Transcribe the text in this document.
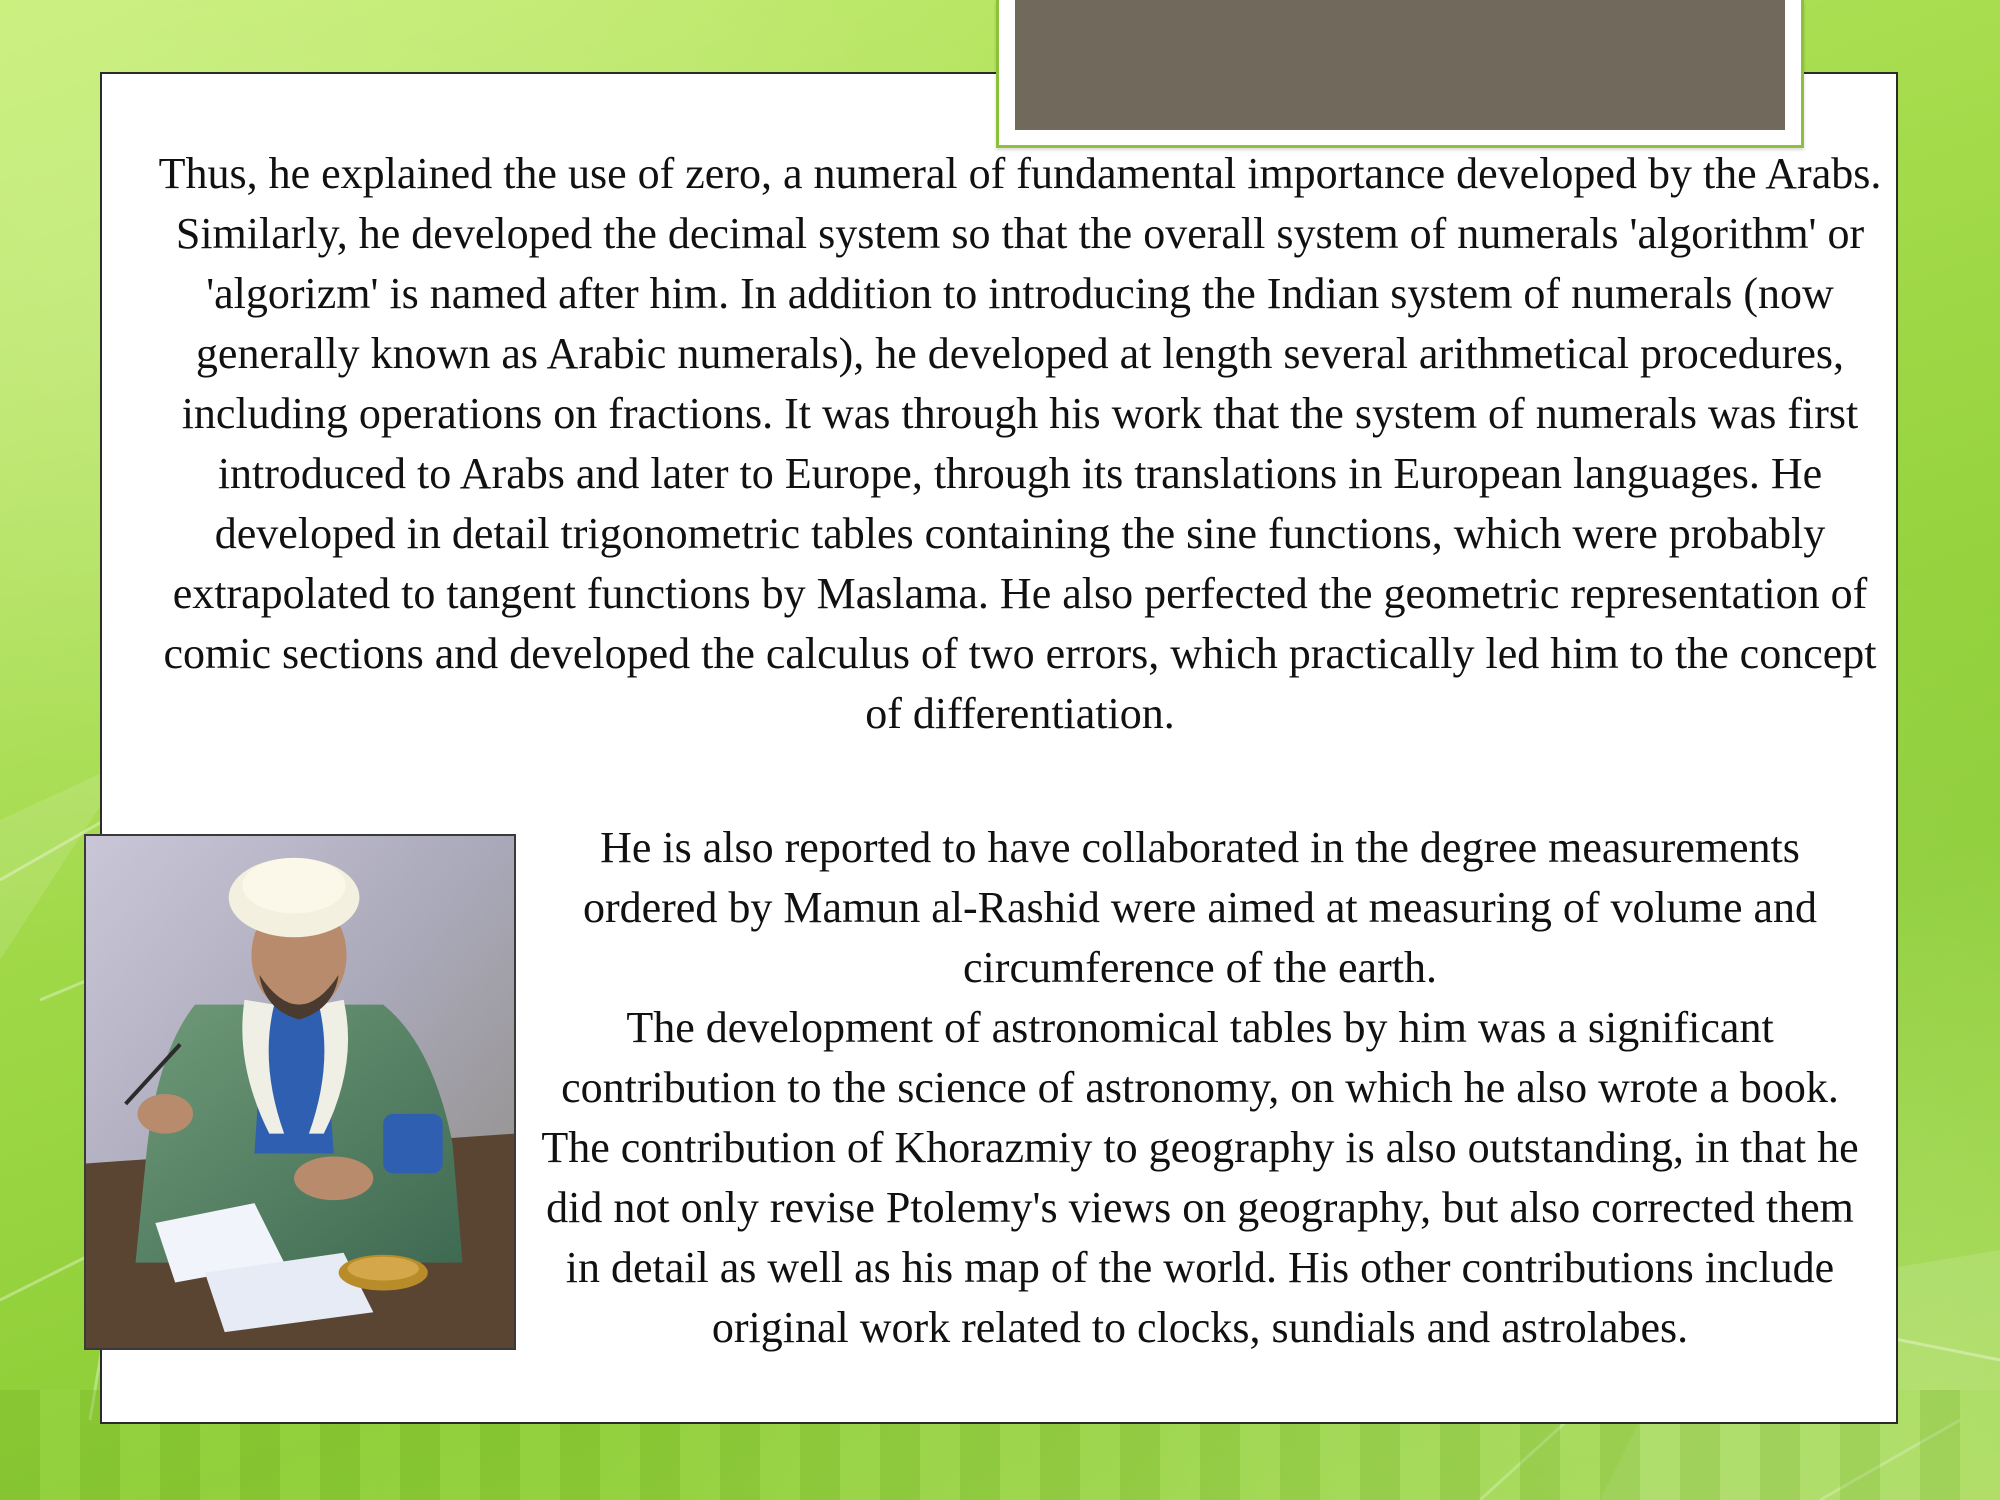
Thus, he explained the use of zero, a numeral of fundamental importance developed by the Arabs. Similarly, he developed the decimal system so that the overall system of numerals 'algorithm' or 'algorizm' is named after him. In addition to introducing the Indian system of numerals (now generally known as Arabic numerals), he developed at length several arithmetical procedures, including operations on fractions. It was through his work that the system of numerals was first introduced to Arabs and later to Europe, through its translations in European languages. He developed in detail trigonometric tables containing the sine functions, which were probably extrapolated to tangent functions by Maslama. He also perfected the geometric representation of comic sections and developed the calculus of two errors, which practically led him to the concept of differentiation.

He is also reported to have collaborated in the degree measurements ordered by Mamun al-Rashid were aimed at measuring of volume and circumference of the earth.
The development of astronomical tables by him was a significant contribution to the science of astronomy, on which he also wrote a book. The contribution of Khorazmiy to geography is also outstanding, in that he did not only revise Ptolemy's views on geography, but also corrected them in detail as well as his map of the world. His other contributions include original work related to clocks, sundials and astrolabes.
